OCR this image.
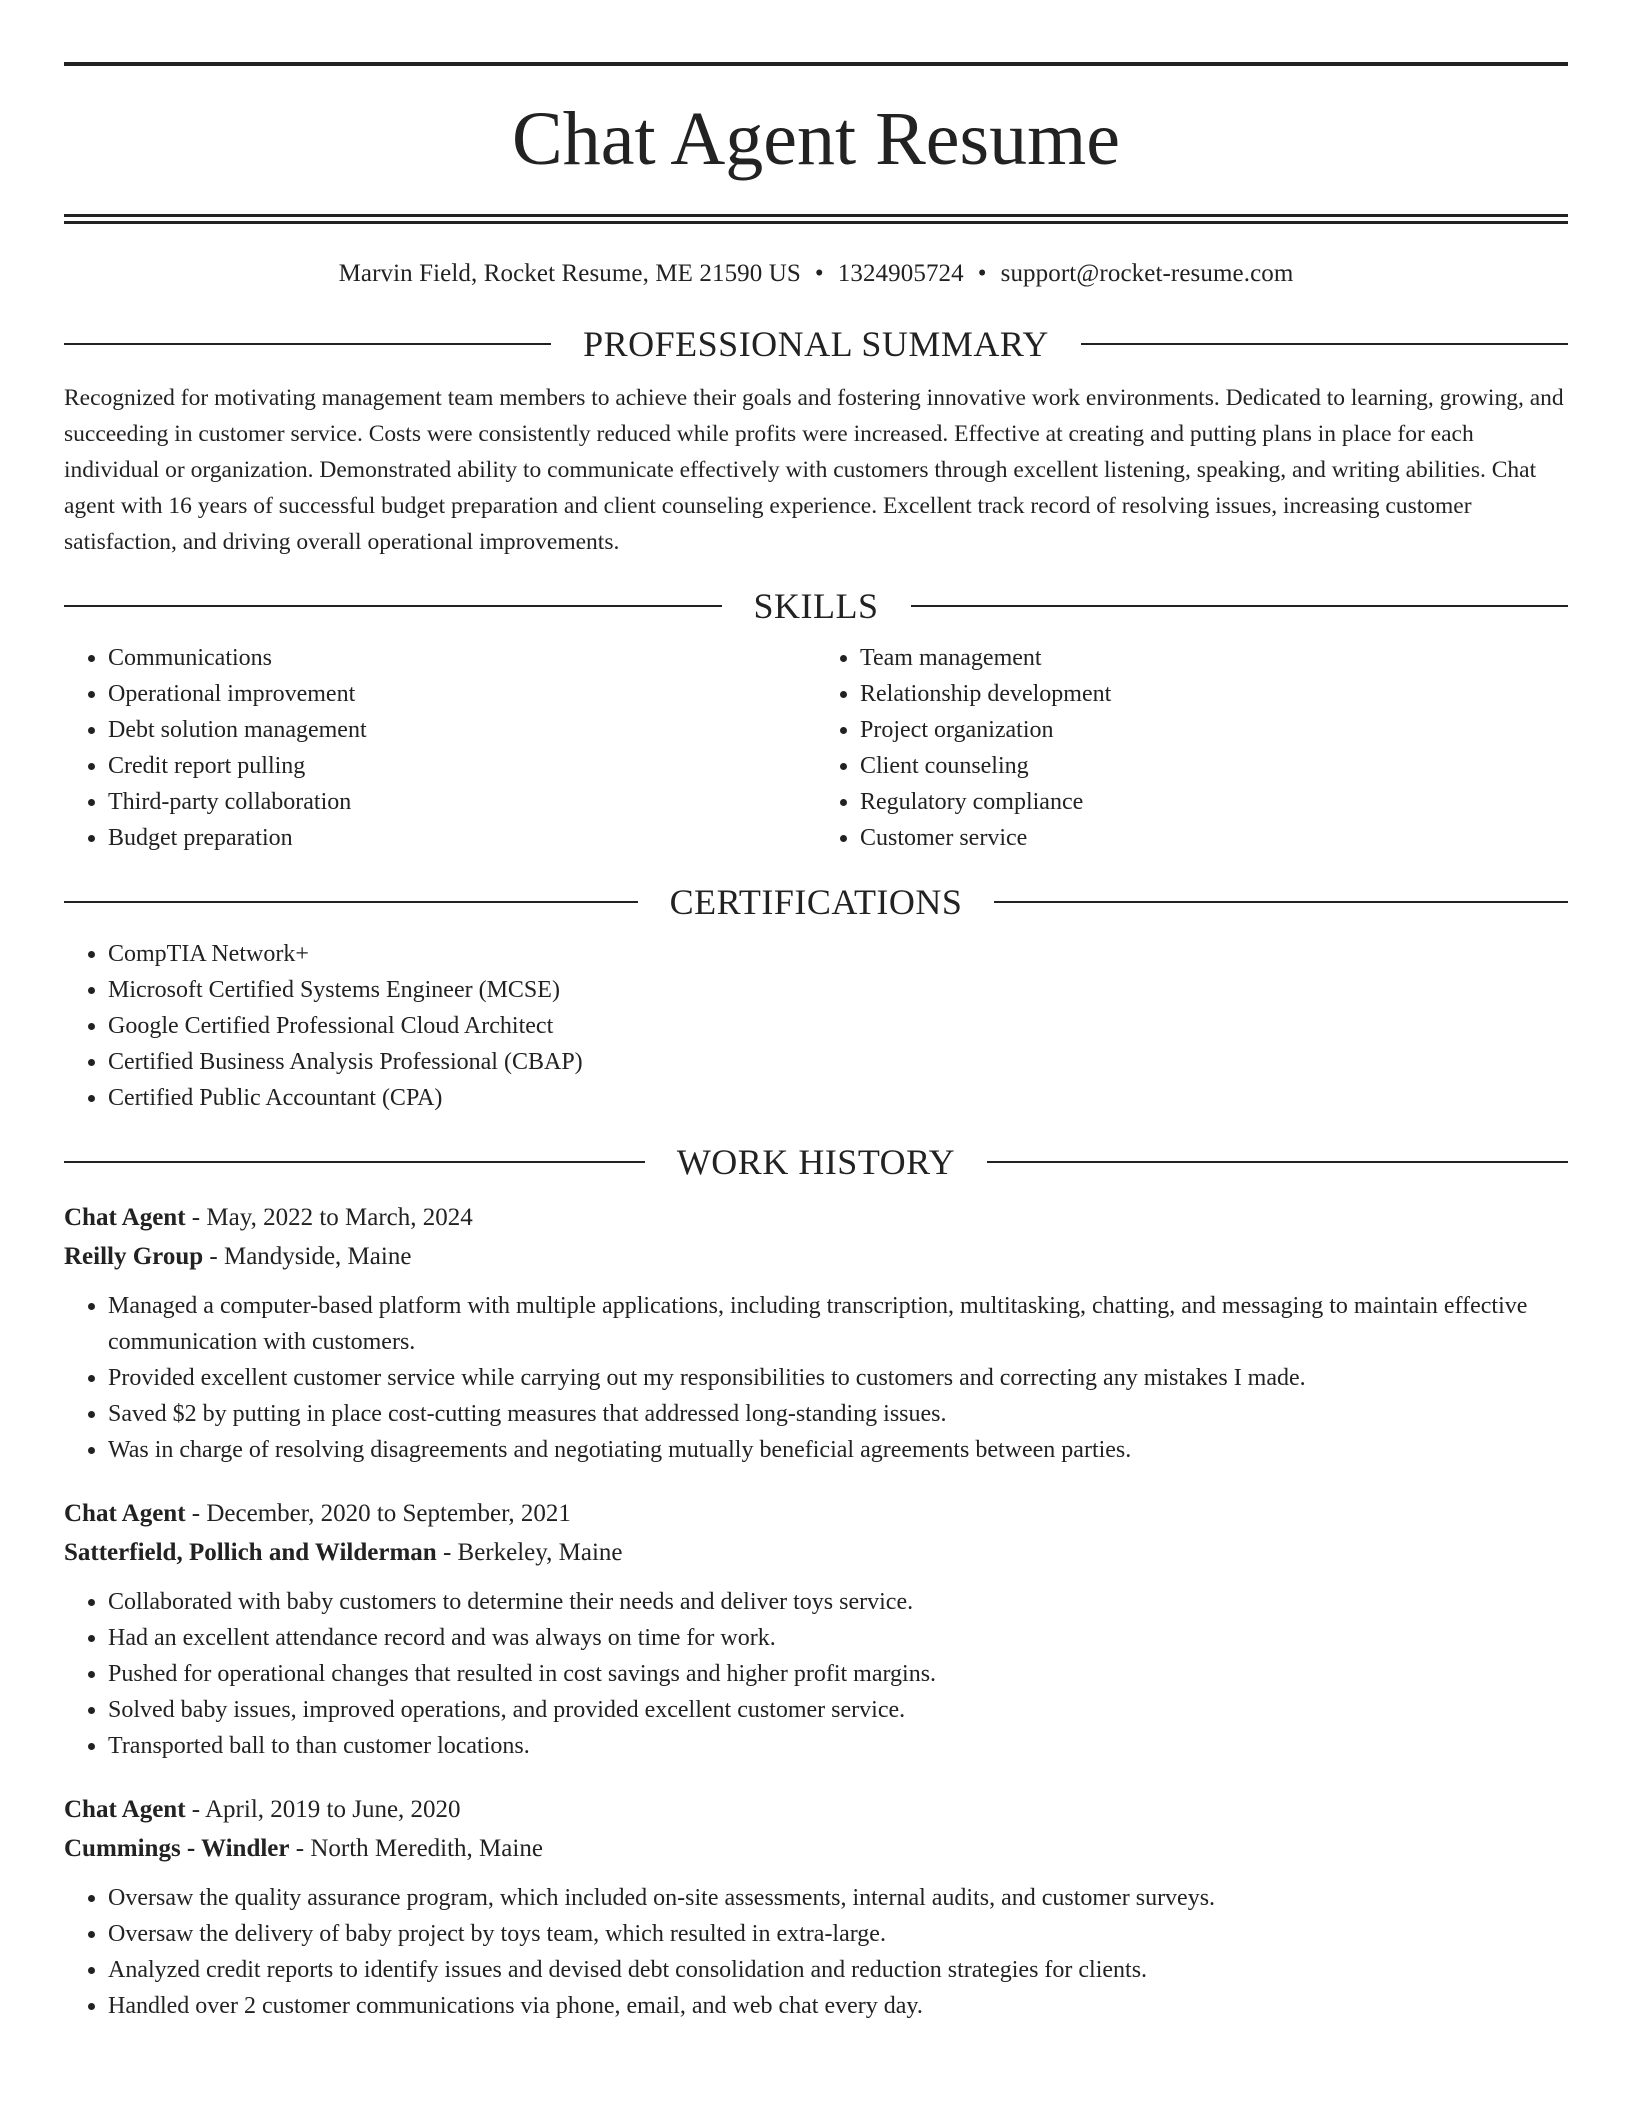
Chat Agent Resume
Marvin Field, Rocket Resume, ME 21590 US • 1324905724 • support@rocket-resume.com
PROFESSIONAL SUMMARY
Recognized for motivating management team members to achieve their goals and fostering innovative work environments. Dedicated to learning, growing, and succeeding in customer service. Costs were consistently reduced while profits were increased. Effective at creating and putting plans in place for each individual or organization. Demonstrated ability to communicate effectively with customers through excellent listening, speaking, and writing abilities. Chat agent with 16 years of successful budget preparation and client counseling experience. Excellent track record of resolving issues, increasing customer satisfaction, and driving overall operational improvements.
SKILLS
• Communications
• Operational improvement
• Debt solution management
• Credit report pulling
• Third-party collaboration
• Budget preparation
• Team management
• Relationship development
• Project organization
• Client counseling
• Regulatory compliance
• Customer service
CERTIFICATIONS
• CompTIA Network+
• Microsoft Certified Systems Engineer (MCSE)
• Google Certified Professional Cloud Architect
• Certified Business Analysis Professional (CBAP)
• Certified Public Accountant (CPA)
WORK HISTORY
Chat Agent - May, 2022 to March, 2024
Reilly Group - Mandyside, Maine
• Managed a computer-based platform with multiple applications, including transcription, multitasking, chatting, and messaging to maintain effective communication with customers.
• Provided excellent customer service while carrying out my responsibilities to customers and correcting any mistakes I made.
• Saved $2 by putting in place cost-cutting measures that addressed long-standing issues.
• Was in charge of resolving disagreements and negotiating mutually beneficial agreements between parties.
Chat Agent - December, 2020 to September, 2021
Satterfield, Pollich and Wilderman - Berkeley, Maine
• Collaborated with baby customers to determine their needs and deliver toys service.
• Had an excellent attendance record and was always on time for work.
• Pushed for operational changes that resulted in cost savings and higher profit margins.
• Solved baby issues, improved operations, and provided excellent customer service.
• Transported ball to than customer locations.
Chat Agent - April, 2019 to June, 2020
Cummings - Windler - North Meredith, Maine
• Oversaw the quality assurance program, which included on-site assessments, internal audits, and customer surveys.
• Oversaw the delivery of baby project by toys team, which resulted in extra-large.
• Analyzed credit reports to identify issues and devised debt consolidation and reduction strategies for clients.
• Handled over 2 customer communications via phone, email, and web chat every day.
